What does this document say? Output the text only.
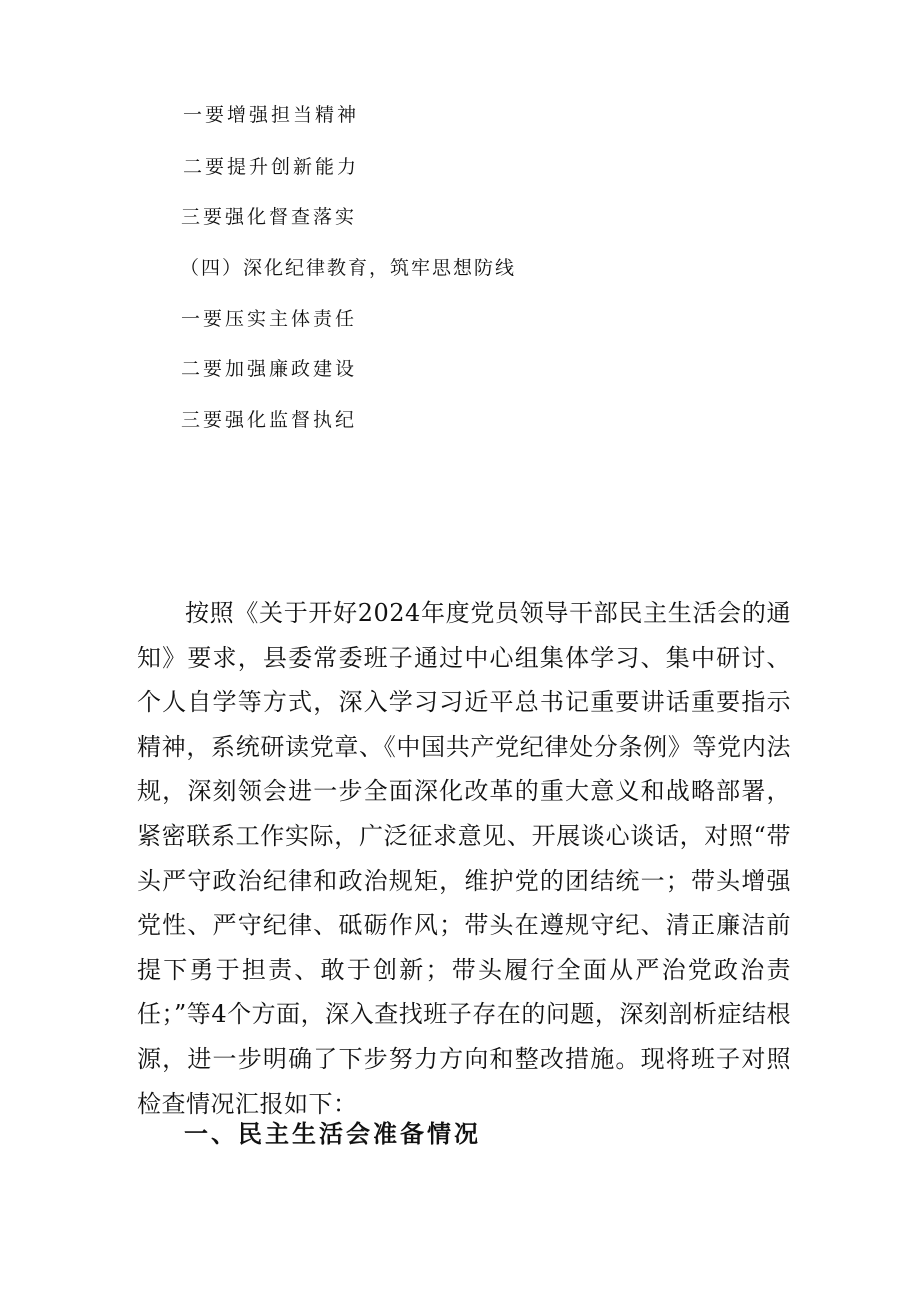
一要增强担当精神
二要提升创新能力
三要强化督查落实
（四）深化纪律教育，筑牢思想防线
一要压实主体责任
二要加强廉政建设
三要强化监督执纪

按照《关于开好2024年度党员领导干部民主生活会的通知》要求，县委常委班子通过中心组集体学习、集中研讨、个人自学等方式，深入学习习近平总书记重要讲话重要指示精神，系统研读党章、《中国共产党纪律处分条例》等党内法规，深刻领会进一步全面深化改革的重大意义和战略部署，紧密联系工作实际，广泛征求意见、开展谈心谈话，对照“带头严守政治纪律和政治规矩，维护党的团结统一；带头增强党性、严守纪律、砥砺作风；带头在遵规守纪、清正廉洁前提下勇于担责、敢于创新；带头履行全面从严治党政治责任；”等4个方面，深入查找班子存在的问题，深刻剖析症结根源，进一步明确了下步努力方向和整改措施。现将班子对照检查情况汇报如下：

一、民主生活会准备情况
